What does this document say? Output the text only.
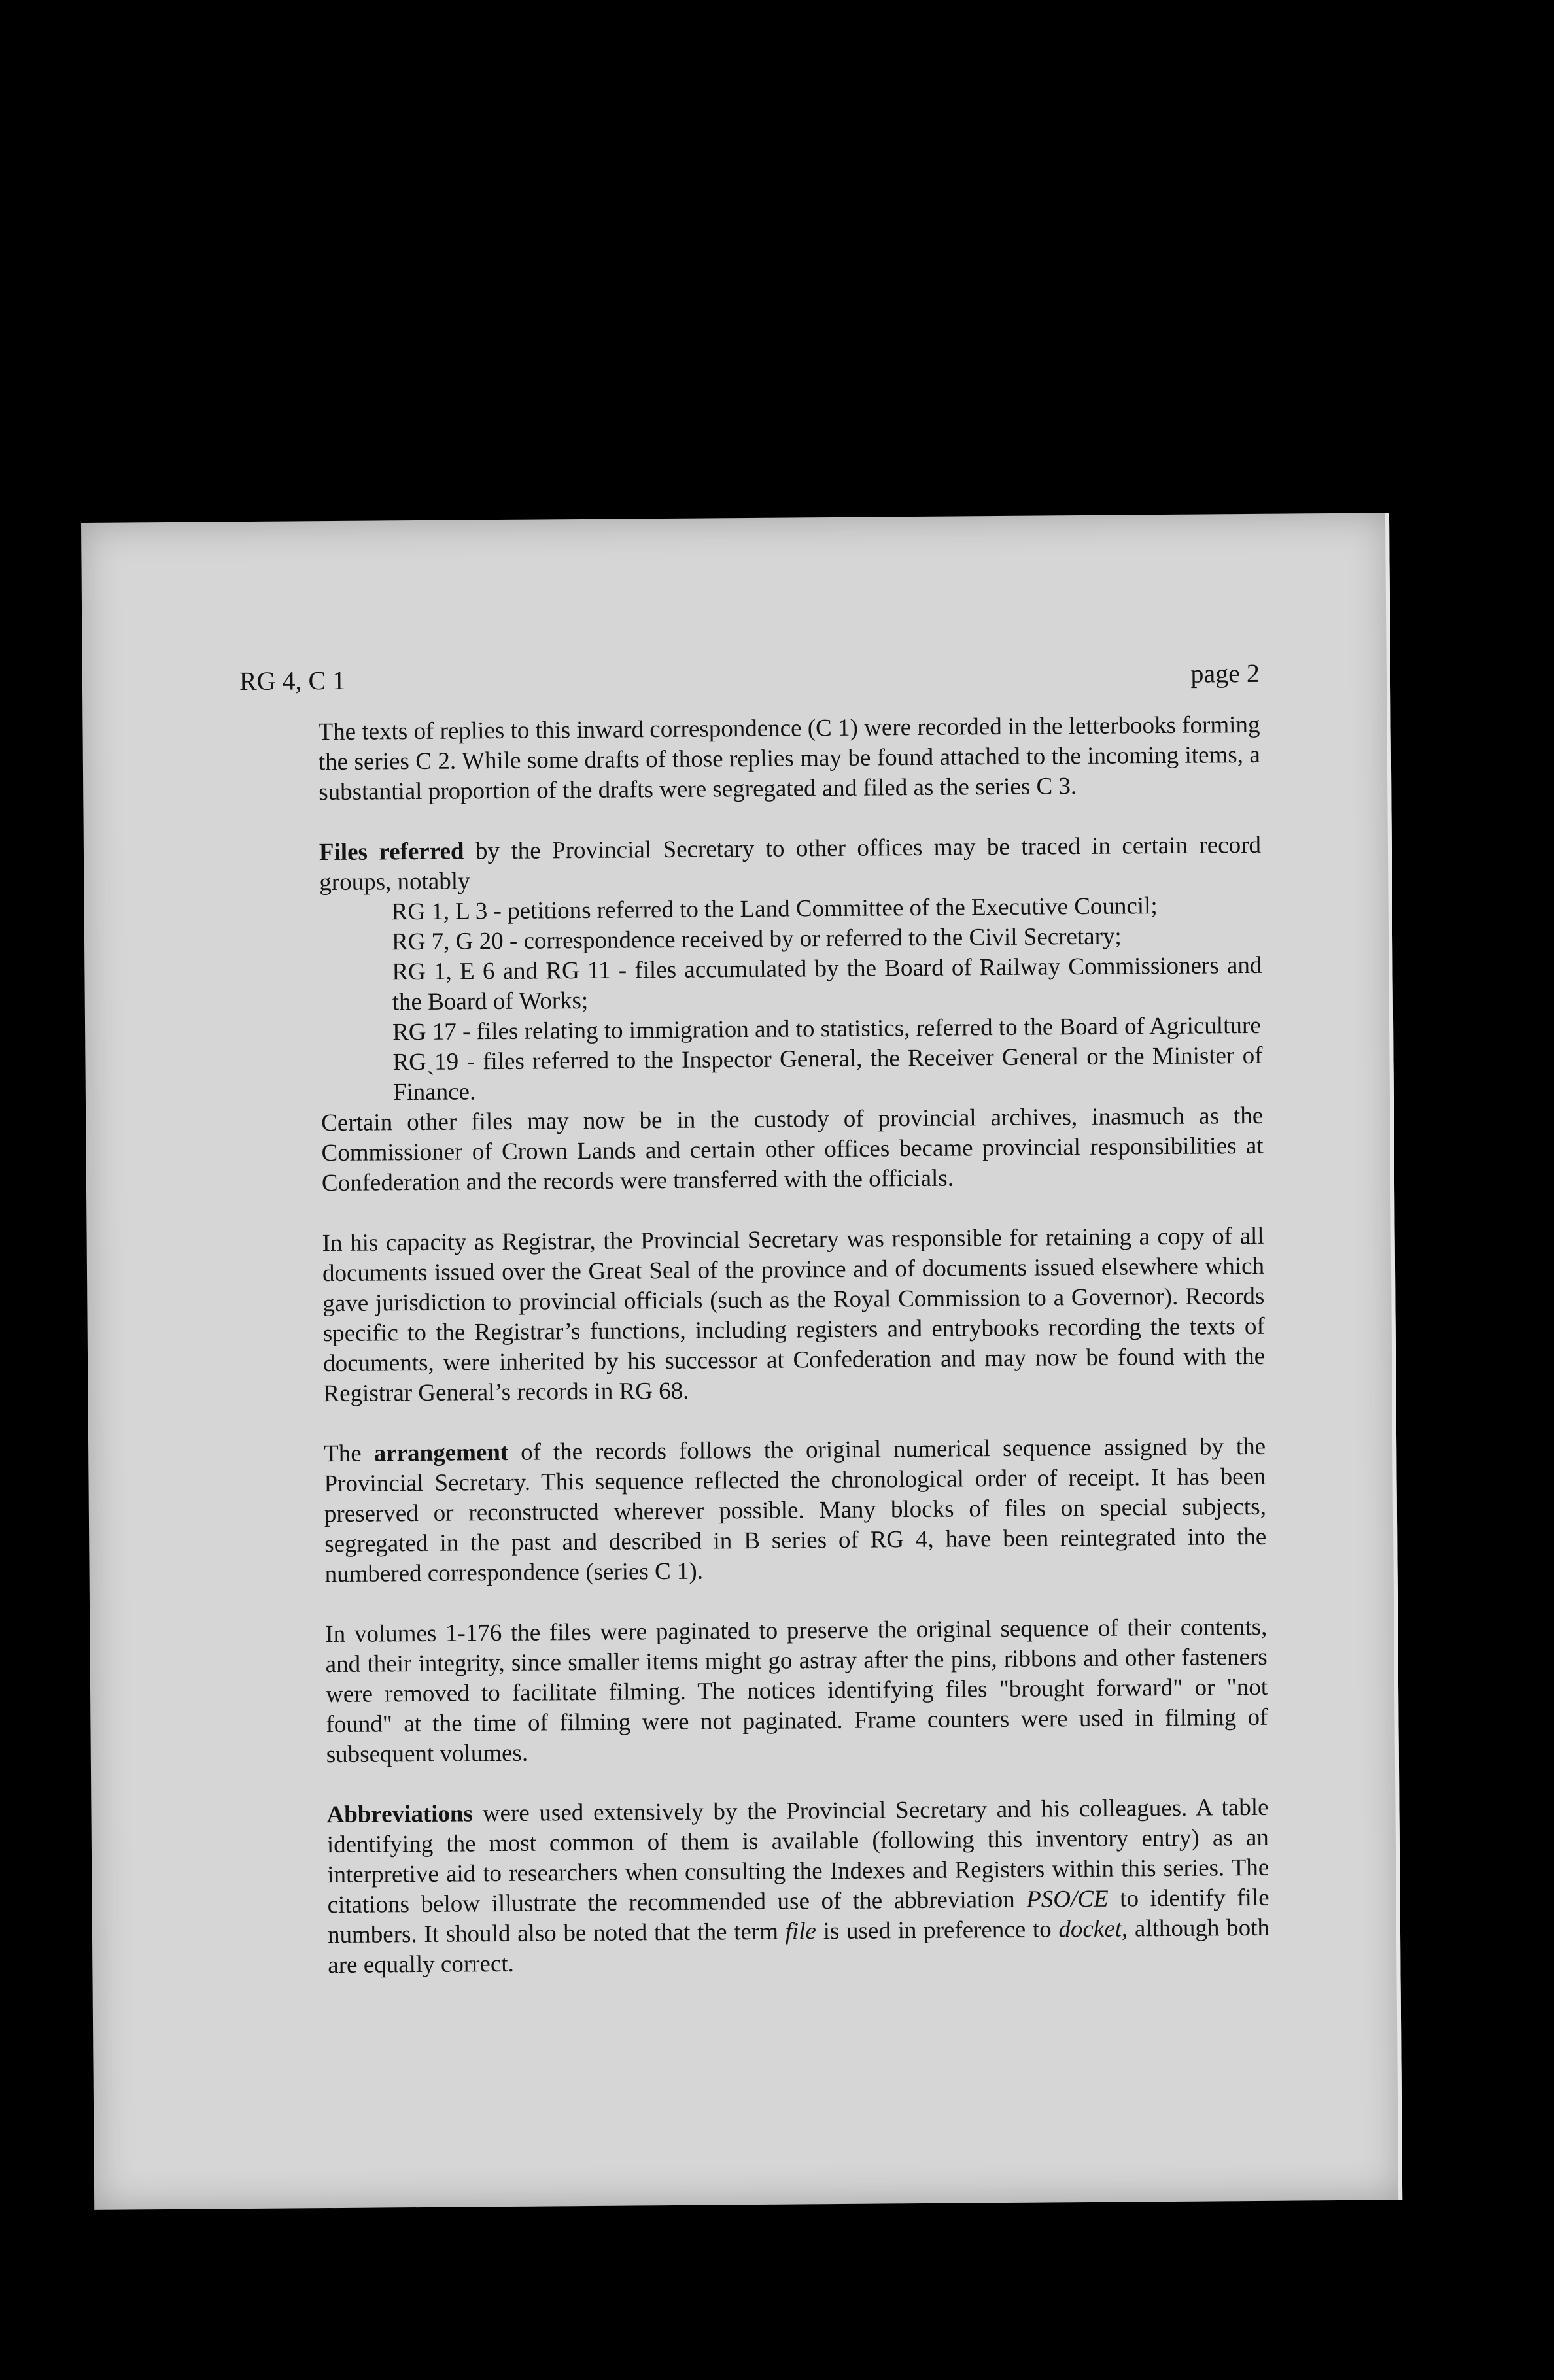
RG 4, C 1	page 2

The texts of replies to this inward correspondence (C 1) were recorded in the letterbooks forming the series C 2. While some drafts of those replies may be found attached to the incoming items, a substantial proportion of the drafts were segregated and filed as the series C 3.

Files referred by the Provincial Secretary to other offices may be traced in certain record groups, notably

RG 1, L 3 - petitions referred to the Land Committee of the Executive Council;
RG 7, G 20 - correspondence received by or referred to the Civil Secretary;
RG 1, E 6 and RG 11 - files accumulated by the Board of Railway Commissioners and the Board of Works;
RG 17 - files relating to immigration and to statistics, referred to the Board of Agriculture
RGˎ19 - files referred to the Inspector General, the Receiver General or the Minister of Finance.

Certain other files may now be in the custody of provincial archives, inasmuch as the Commissioner of Crown Lands and certain other offices became provincial responsibilities at Confederation and the records were transferred with the officials.

In his capacity as Registrar, the Provincial Secretary was responsible for retaining a copy of all documents issued over the Great Seal of the province and of documents issued elsewhere which gave jurisdiction to provincial officials (such as the Royal Commission to a Governor). Records specific to the Registrar’s functions, including registers and entrybooks recording the texts of documents, were inherited by his successor at Confederation and may now be found with the Registrar General’s records in RG 68.

The arrangement of the records follows the original numerical sequence assigned by the Provincial Secretary. This sequence reflected the chronological order of receipt. It has been preserved or reconstructed wherever possible. Many blocks of files on special subjects, segregated in the past and described in B series of RG 4, have been reintegrated into the numbered correspondence (series C 1).

In volumes 1-176 the files were paginated to preserve the original sequence of their contents, and their integrity, since smaller items might go astray after the pins, ribbons and other fasteners were removed to facilitate filming. The notices identifying files "brought forward" or "not found" at the time of filming were not paginated. Frame counters were used in filming of subsequent volumes.

Abbreviations were used extensively by the Provincial Secretary and his colleagues. A table identifying the most common of them is available (following this inventory entry) as an interpretive aid to researchers when consulting the Indexes and Registers within this series. The citations below illustrate the recommended use of the abbreviation PSO/CE to identify file numbers. It should also be noted that the term file is used in preference to docket, although both are equally correct.
